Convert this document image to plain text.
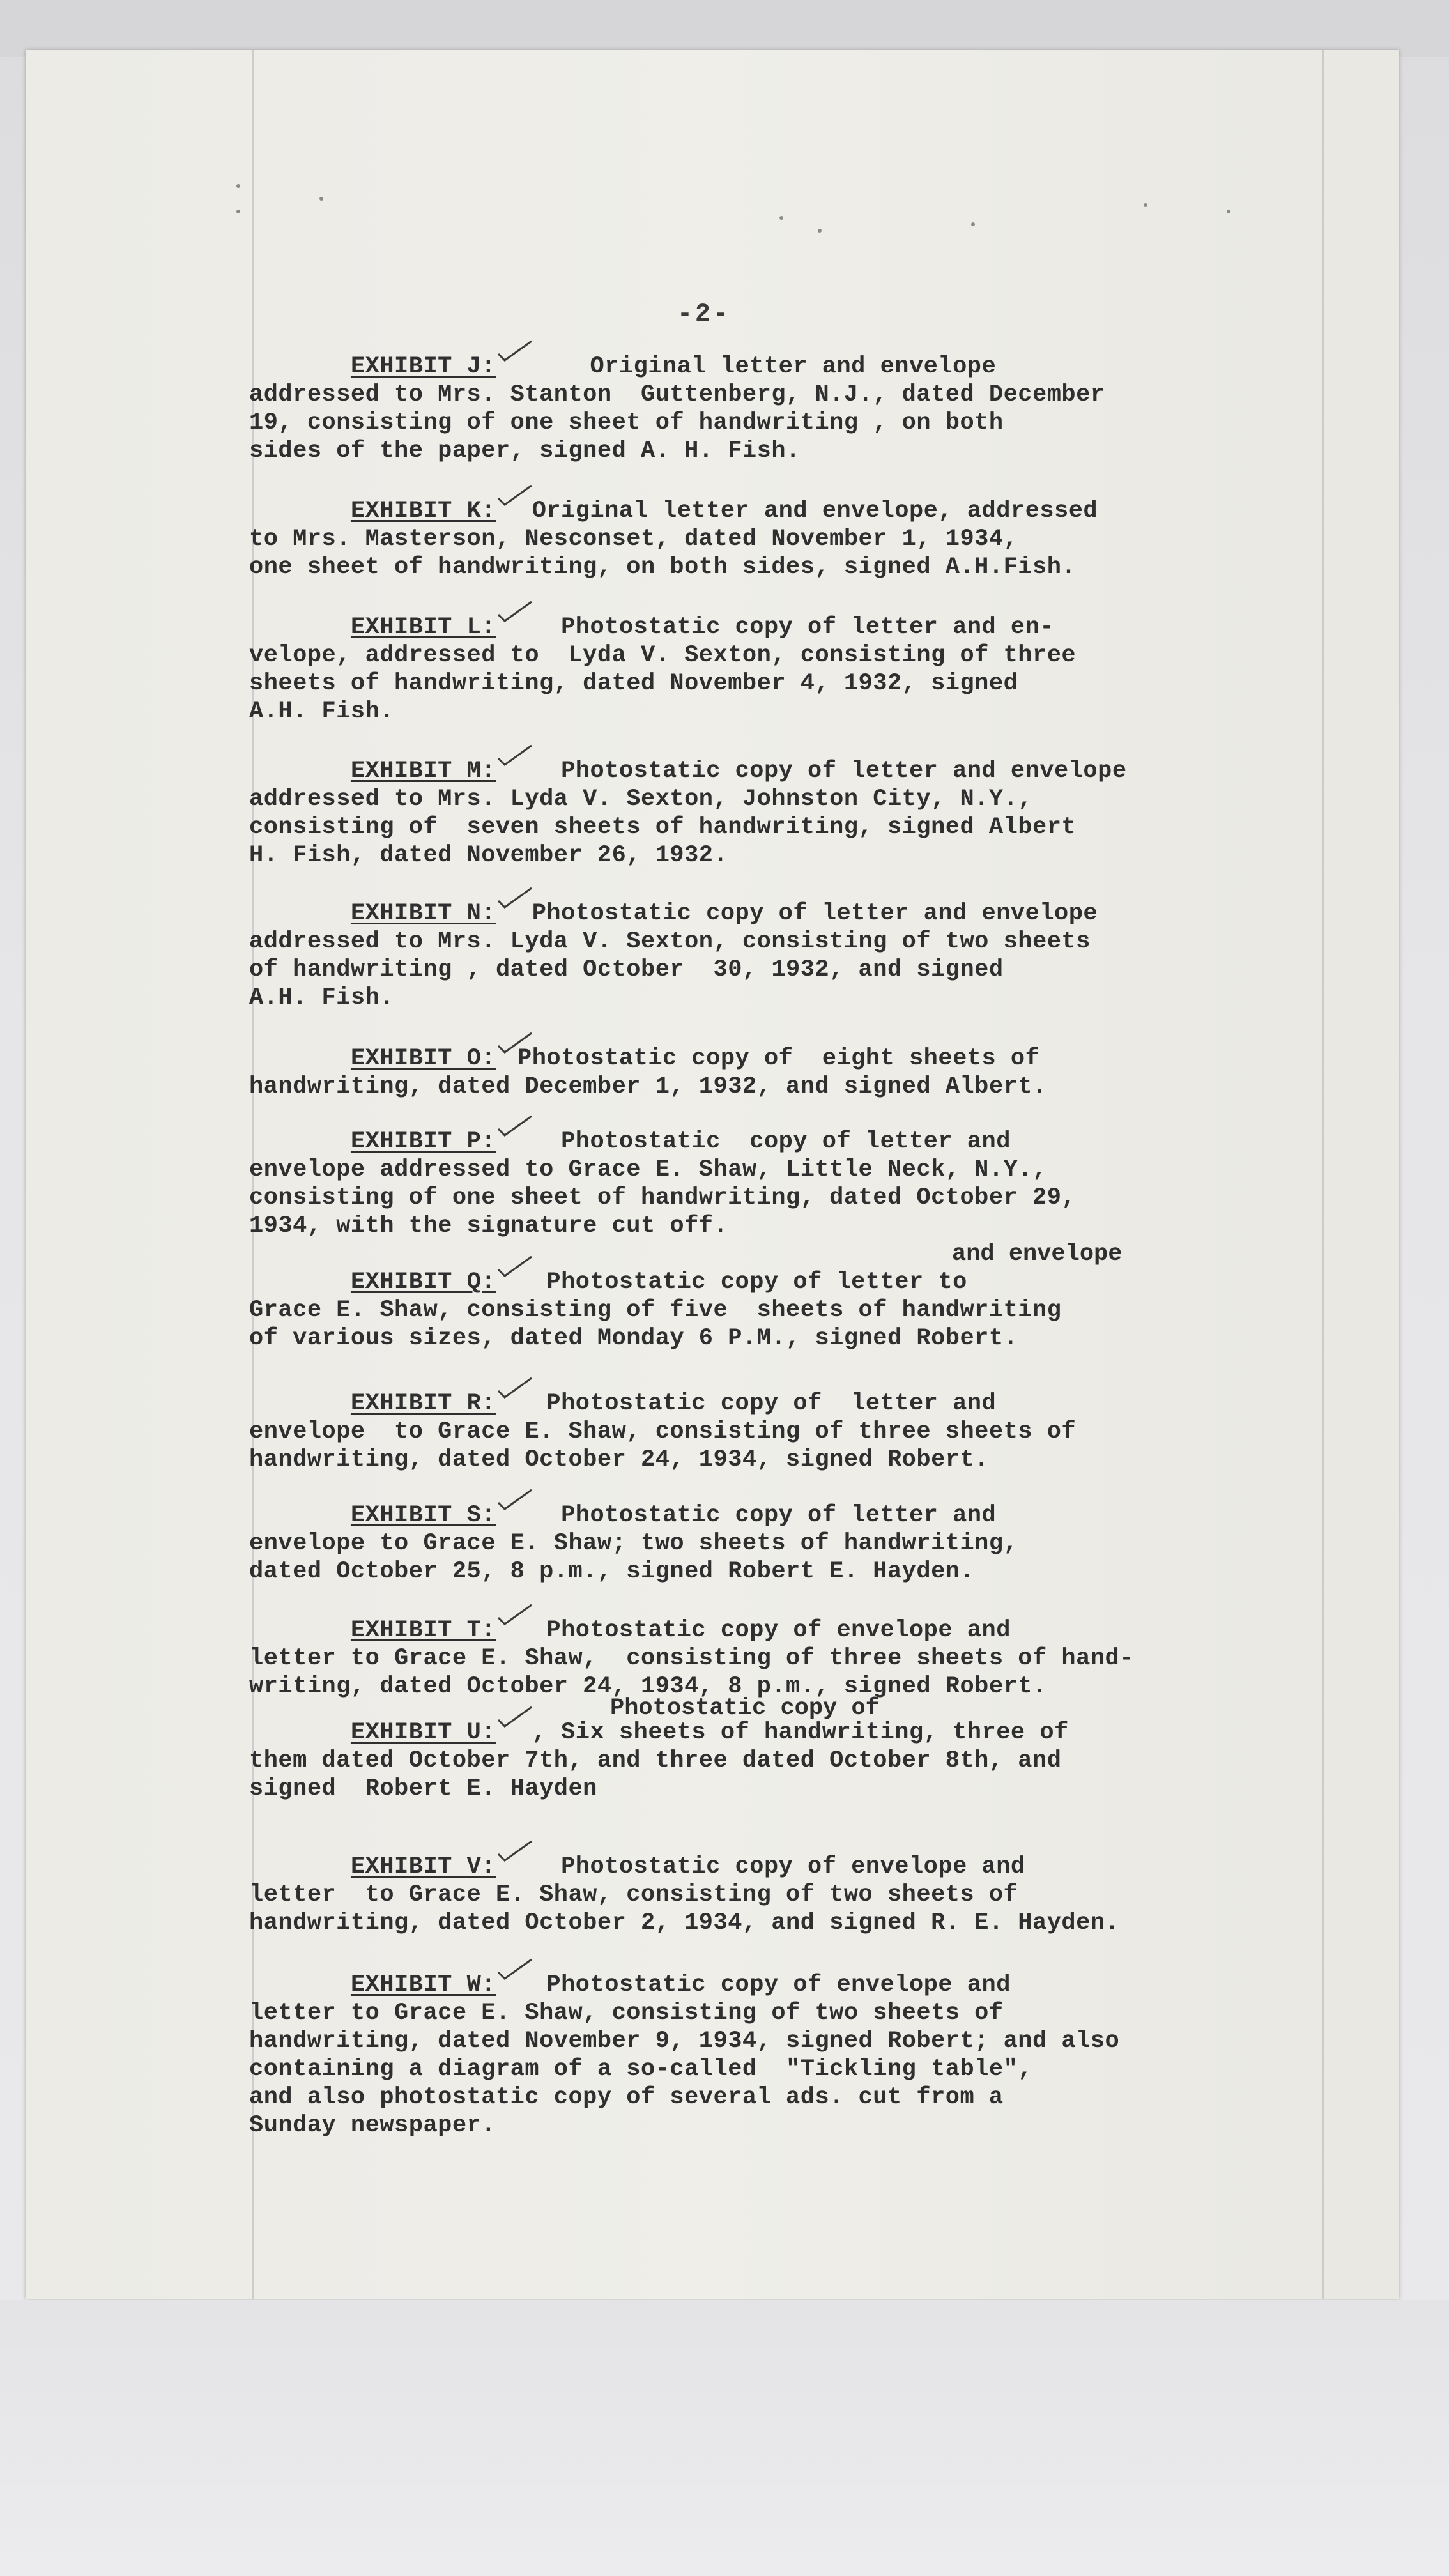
-2-
EXHIBIT J:
Original letter and envelope
addressed to Mrs. Stanton  Guttenberg, N.J., dated December
19, consisting of one sheet of handwriting , on both
sides of the paper, signed A. H. Fish.
EXHIBIT K:
Original letter and envelope, addressed
to Mrs. Masterson, Nesconset, dated November 1, 1934,
one sheet of handwriting, on both sides, signed A.H.Fish.
EXHIBIT L:
Photostatic copy of letter and en-
velope, addressed to  Lyda V. Sexton, consisting of three
sheets of handwriting, dated November 4, 1932, signed
A.H. Fish.
EXHIBIT M:
Photostatic copy of letter and envelope
addressed to Mrs. Lyda V. Sexton, Johnston City, N.Y.,
consisting of  seven sheets of handwriting, signed Albert
H. Fish, dated November 26, 1932.
EXHIBIT N:
Photostatic copy of letter and envelope
addressed to Mrs. Lyda V. Sexton, consisting of two sheets
of handwriting , dated October  30, 1932, and signed
A.H. Fish.
EXHIBIT O: Photostatic copy of  eight sheets of
handwriting, dated December 1, 1932, and signed Albert.
EXHIBIT P:
Photostatic  copy of letter and
envelope addressed to Grace E. Shaw, Little Neck, N.Y.,
consisting of one sheet of handwriting, dated October 29,
1934, with the signature cut off.
and envelope
EXHIBIT Q:
Photostatic copy of letter to
Grace E. Shaw, consisting of five  sheets of handwriting
of various sizes, dated Monday 6 P.M., signed Robert.
EXHIBIT R:
Photostatic copy of  letter and
envelope  to Grace E. Shaw, consisting of three sheets of
handwriting, dated October 24, 1934, signed Robert.
EXHIBIT S:
Photostatic copy of letter and
envelope to Grace E. Shaw; two sheets of handwriting,
dated October 25, 8 p.m., signed Robert E. Hayden.
EXHIBIT T:
Photostatic copy of envelope and
letter to Grace E. Shaw,  consisting of three sheets of hand-
writing, dated October 24, 1934, 8 p.m., signed Robert.
Photostatic copy of
EXHIBIT U:
, Six sheets of handwriting, three of
them dated October 7th, and three dated October 8th, and
signed  Robert E. Hayden
EXHIBIT V:
Photostatic copy of envelope and
letter  to Grace E. Shaw, consisting of two sheets of
handwriting, dated October 2, 1934, and signed R. E. Hayden.
EXHIBIT W:
Photostatic copy of envelope and
letter to Grace E. Shaw, consisting of two sheets of
handwriting, dated November 9, 1934, signed Robert; and also
containing a diagram of a so-called  "Tickling table",
and also photostatic copy of several ads. cut from a
Sunday newspaper.
